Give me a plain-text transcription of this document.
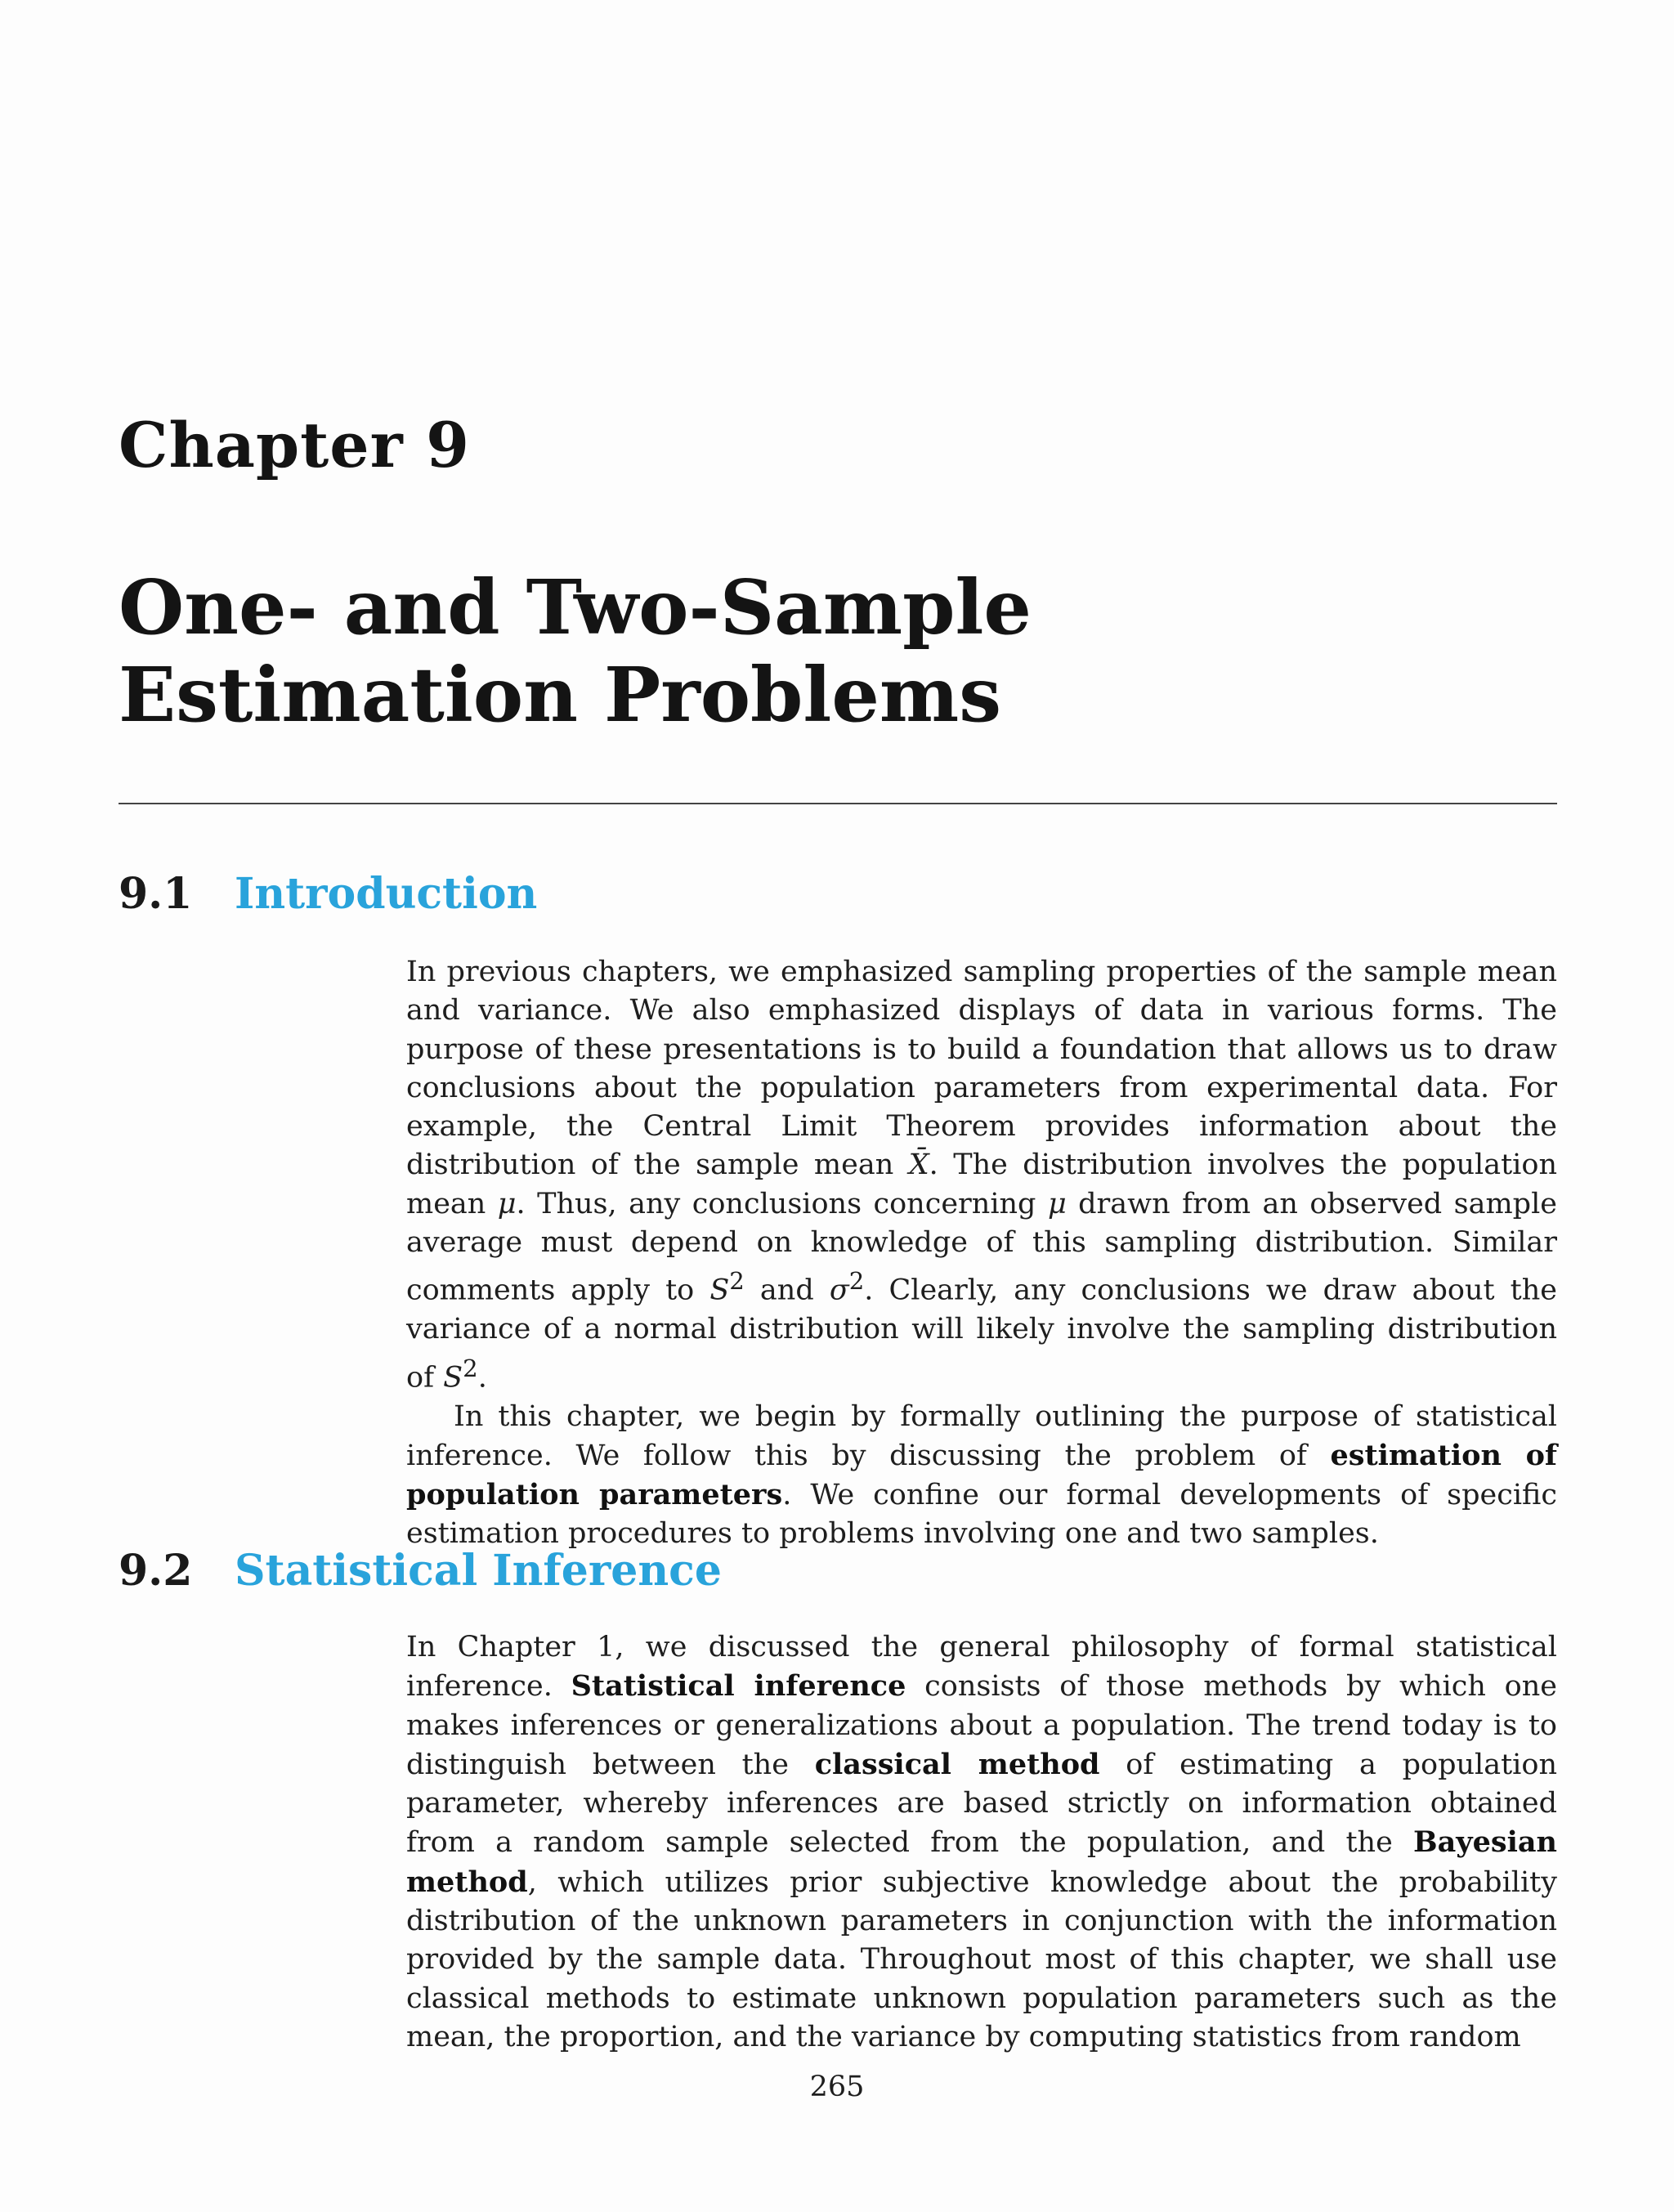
Chapter 9
One- and Two-Sample
Estimation Problems
9.1 Introduction

In previous chapters, we emphasized sampling properties of the sample mean and variance. We also emphasized displays of data in various forms. The purpose of these presentations is to build a foundation that allows us to draw conclusions about the population parameters from experimental data. For example, the Central Limit Theorem provides information about the distribution of the sample mean X̄. The distribution involves the population mean μ. Thus, any conclusions concerning μ drawn from an observed sample average must depend on knowledge of this sampling distribution. Similar comments apply to $S^2$ and $\sigma^2$. Clearly, any conclusions we draw about the variance of a normal distribution will likely involve the sampling distribution of $S^2$.

In this chapter, we begin by formally outlining the purpose of statistical inference. We follow this by discussing the problem of estimation of population parameters. We confine our formal developments of specific estimation procedures to problems involving one and two samples.

9.2 Statistical Inference

In Chapter 1, we discussed the general philosophy of formal statistical inference. Statistical inference consists of those methods by which one makes inferences or generalizations about a population. The trend today is to distinguish between the classical method of estimating a population parameter, whereby inferences are based strictly on information obtained from a random sample selected from the population, and the Bayesian method, which utilizes prior subjective knowledge about the probability distribution of the unknown parameters in conjunction with the information provided by the sample data. Throughout most of this chapter, we shall use classical methods to estimate unknown population parameters such as the mean, the proportion, and the variance by computing statistics from random

265
